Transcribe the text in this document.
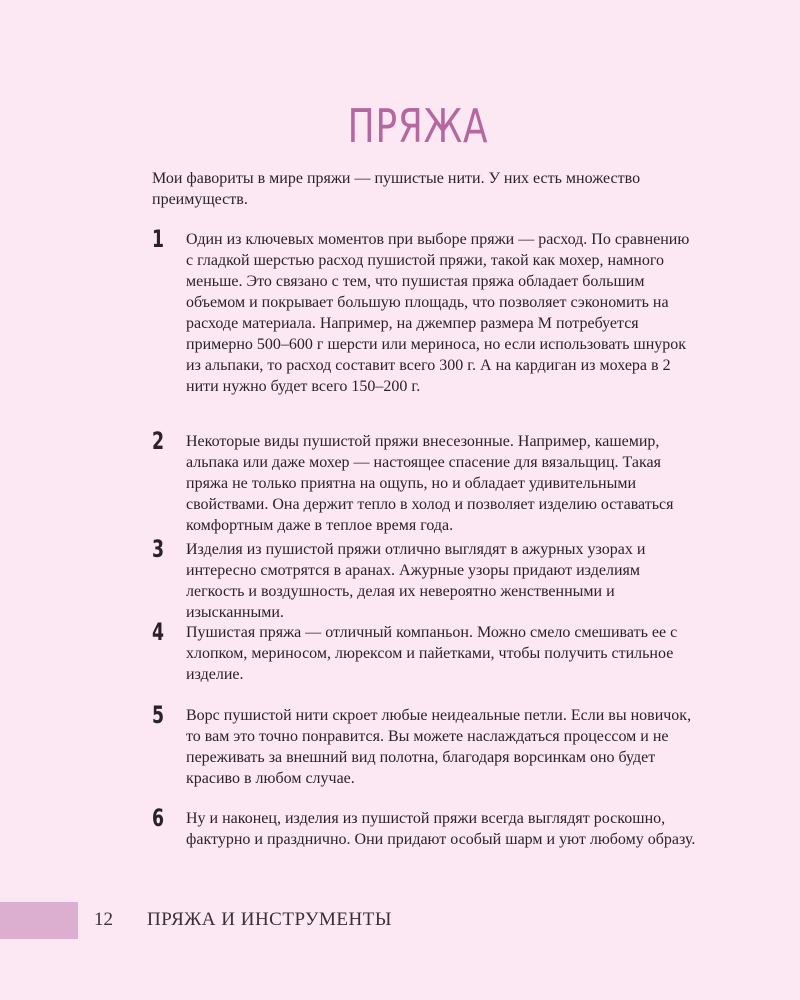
ПРЯЖА
Мои фавориты в мире пряжи — пушистые нити. У них есть множество преимуществ.
1 Один из ключевых моментов при выборе пряжи — расход. По сравнению с гладкой шерстью расход пушистой пряжи, такой как мохер, намного меньше. Это связано с тем, что пушистая пряжа обладает большим объемом и покрывает большую площадь, что позволяет сэкономить на расходе материала. Например, на джемпер размера M потребуется примерно 500–600 г шерсти или мериноса, но если использовать шнурок из альпаки, то расход составит всего 300 г. А на кардиган из мохера в 2 нити нужно будет всего 150–200 г.
2 Некоторые виды пушистой пряжи внесезонные. Например, кашемир, альпака или даже мохер — настоящее спасение для вязальщиц. Такая пряжа не только приятна на ощупь, но и обладает удивительными свойствами. Она держит тепло в холод и позволяет изделию оставаться комфортным даже в теплое время года.
3 Изделия из пушистой пряжи отлично выглядят в ажурных узорах и интересно смотрятся в аранах. Ажурные узоры придают изделиям легкость и воздушность, делая их невероятно женственными и изысканными.
4 Пушистая пряжа — отличный компаньон. Можно смело смешивать ее с хлопком, мериносом, люрексом и пайетками, чтобы получить стильное изделие.
5 Ворс пушистой нити скроет любые неидеальные петли. Если вы новичок, то вам это точно понравится. Вы можете наслаждаться процессом и не переживать за внешний вид полотна, благодаря ворсинкам оно будет красиво в любом случае.
6 Ну и наконец, изделия из пушистой пряжи всегда выглядят роскошно, фактурно и празднично. Они придают особый шарм и уют любому образу.
12 ПРЯЖА И ИНСТРУМЕНТЫ
